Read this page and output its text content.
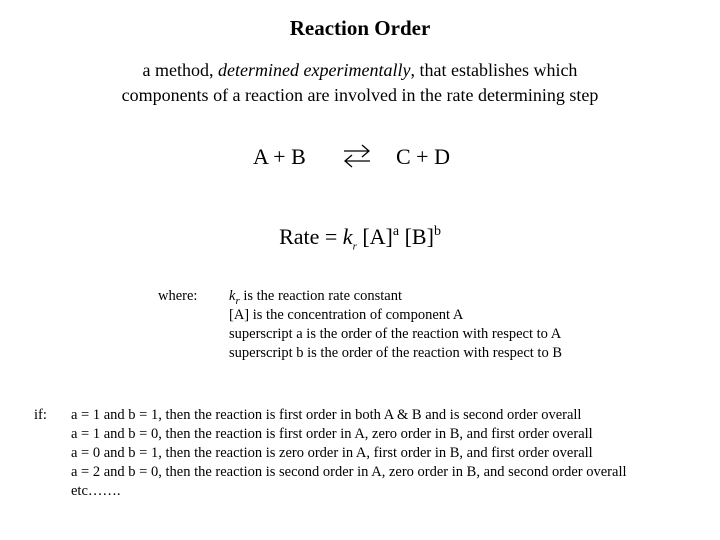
Reaction Order
a method, determined experimentally, that establishes which
components of a reaction are involved in the rate determining step
A + B ⇌ C + D
Rate = $k_r$ $[A]^a$ $[B]^b$
where: $k_r$ is the reaction rate constant
[A] is the concentration of component A
superscript a is the order of the reaction with respect to A
superscript b is the order of the reaction with respect to B
if: a = 1 and b = 1, then the reaction is first order in both A & B and is second order overall
a = 1 and b = 0, then the reaction is first order in A, zero order in B, and first order overall
a = 0 and b = 1, then the reaction is zero order in A, first order in B, and first order overall
a = 2 and b = 0, then the reaction is second order in A, zero order in B, and second order overall
etc…….
